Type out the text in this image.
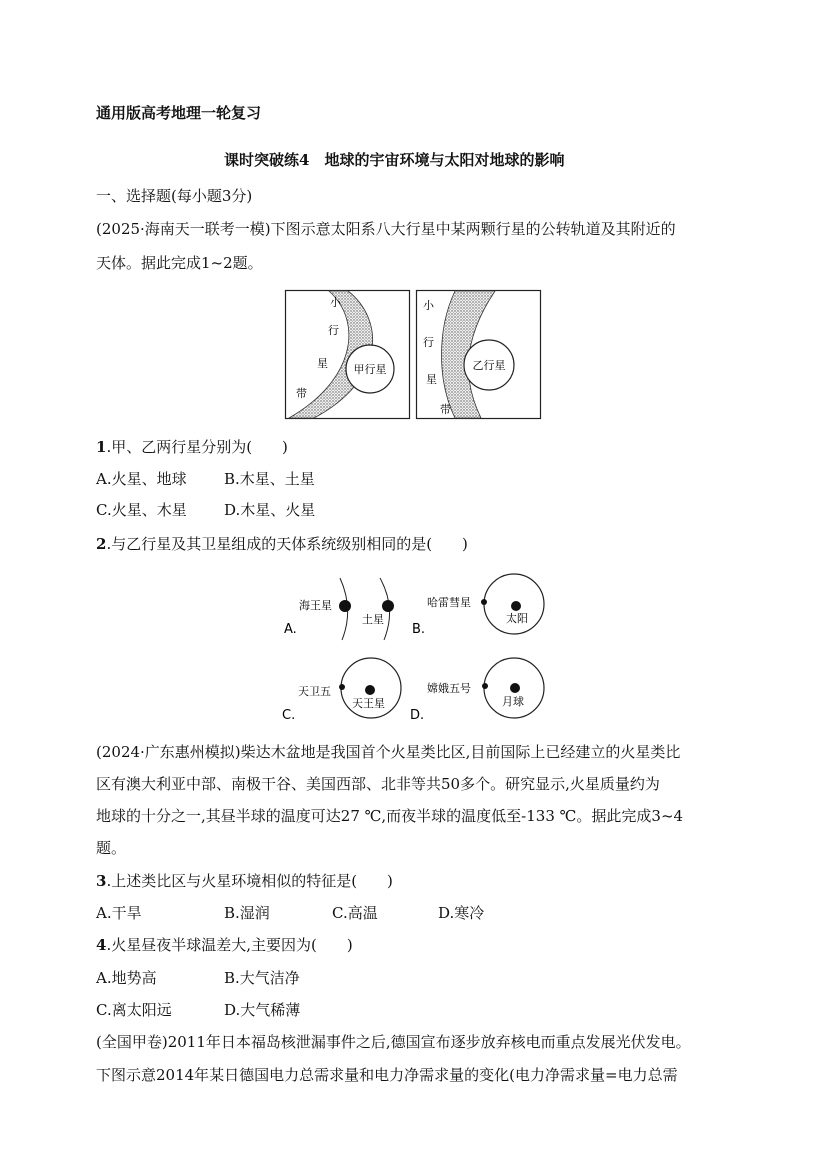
通用版高考地理一轮复习
课时突破练4　地球的宇宙环境与太阳对地球的影响
一、选择题(每小题3分)
(2025·海南天一联考一模)下图示意太阳系八大行星中某两颗行星的公转轨道及其附近的
天体。据此完成1~2题。
小
行
星
带
甲行星
小
行
星
带
乙行星
1.甲、乙两行星分别为(　　)
A.火星、地球 B.木星、土星
C.火星、木星 D.木星、火星
2.与乙行星及其卫星组成的天体系统级别相同的是(　　)
海王星
土星
A.
哈雷彗星
太阳
B.
天卫五
天王星
C.
嫦娥五号
月球
D.
(2024·广东惠州模拟)柴达木盆地是我国首个火星类比区,目前国际上已经建立的火星类比
区有澳大利亚中部、南极干谷、美国西部、北非等共50多个。研究显示,火星质量约为
地球的十分之一,其昼半球的温度可达27 ℃,而夜半球的温度低至-133 ℃。据此完成3~4
题。
3.上述类比区与火星环境相似的特征是(　　)
A.干旱	B.湿润	C.高温	D.寒冷
4.火星昼夜半球温差大,主要因为(　　)
A.地势高	B.大气洁净
C.离太阳远	D.大气稀薄
(全国甲卷)2011年日本福岛核泄漏事件之后,德国宣布逐步放弃核电而重点发展光伏发电。
下图示意2014年某日德国电力总需求量和电力净需求量的变化(电力净需求量=电力总需
